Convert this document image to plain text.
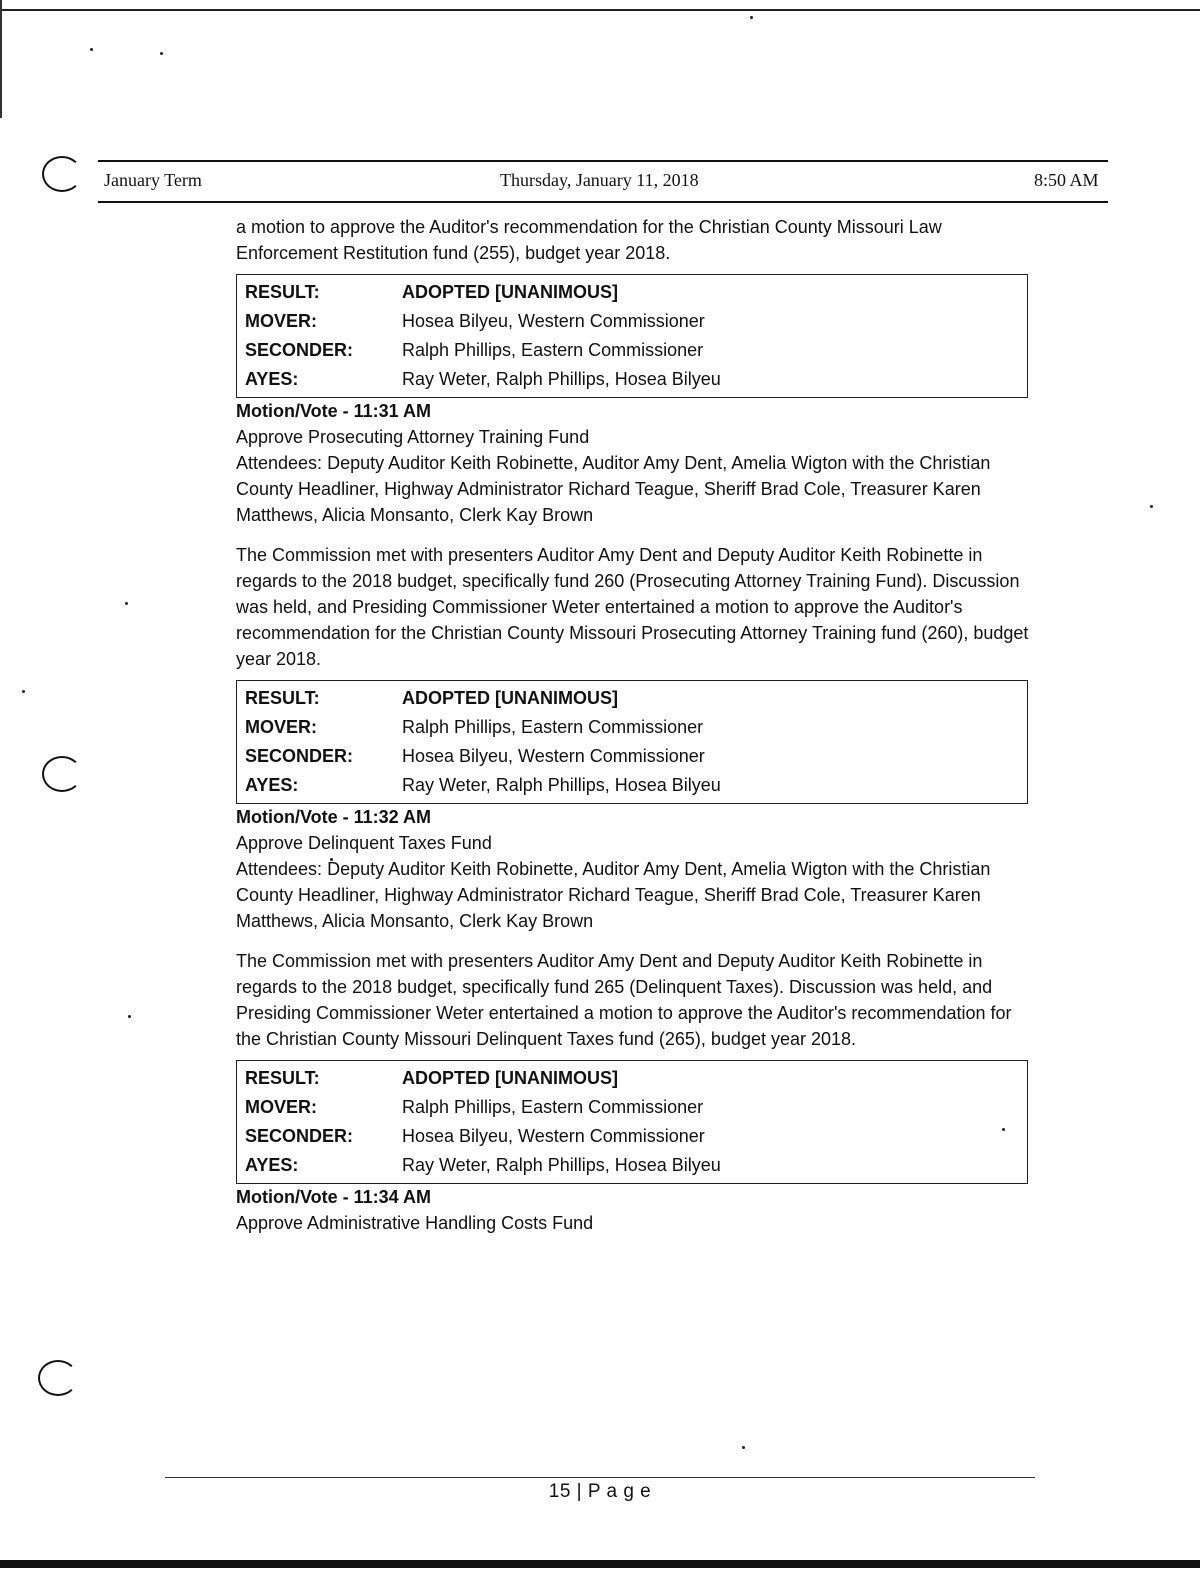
January Term	Thursday, January 11, 2018	8:50 AM

a motion to approve the Auditor's recommendation for the Christian County Missouri Law Enforcement Restitution fund (255), budget year 2018.

RESULT:	ADOPTED [UNANIMOUS]
MOVER:	Hosea Bilyeu, Western Commissioner
SECONDER:	Ralph Phillips, Eastern Commissioner
AYES:	Ray Weter, Ralph Phillips, Hosea Bilyeu

Motion/Vote - 11:31 AM

Approve Prosecuting Attorney Training Fund

Attendees: Deputy Auditor Keith Robinette, Auditor Amy Dent, Amelia Wigton with the Christian County Headliner, Highway Administrator Richard Teague, Sheriff Brad Cole, Treasurer Karen Matthews, Alicia Monsanto, Clerk Kay Brown

The Commission met with presenters Auditor Amy Dent and Deputy Auditor Keith Robinette in regards to the 2018 budget, specifically fund 260 (Prosecuting Attorney Training Fund). Discussion was held, and Presiding Commissioner Weter entertained a motion to approve the Auditor's recommendation for the Christian County Missouri Prosecuting Attorney Training fund (260), budget year 2018.

RESULT:	ADOPTED [UNANIMOUS]
MOVER:	Ralph Phillips, Eastern Commissioner
SECONDER:	Hosea Bilyeu, Western Commissioner
AYES:	Ray Weter, Ralph Phillips, Hosea Bilyeu

Motion/Vote - 11:32 AM

Approve Delinquent Taxes Fund

Attendees: Deputy Auditor Keith Robinette, Auditor Amy Dent, Amelia Wigton with the Christian County Headliner, Highway Administrator Richard Teague, Sheriff Brad Cole, Treasurer Karen Matthews, Alicia Monsanto, Clerk Kay Brown

The Commission met with presenters Auditor Amy Dent and Deputy Auditor Keith Robinette in regards to the 2018 budget, specifically fund 265 (Delinquent Taxes). Discussion was held, and Presiding Commissioner Weter entertained a motion to approve the Auditor's recommendation for the Christian County Missouri Delinquent Taxes fund (265), budget year 2018.

RESULT:	ADOPTED [UNANIMOUS]
MOVER:	Ralph Phillips, Eastern Commissioner
SECONDER:	Hosea Bilyeu, Western Commissioner
AYES:	Ray Weter, Ralph Phillips, Hosea Bilyeu

Motion/Vote - 11:34 AM

Approve Administrative Handling Costs Fund

15 | P a g e
